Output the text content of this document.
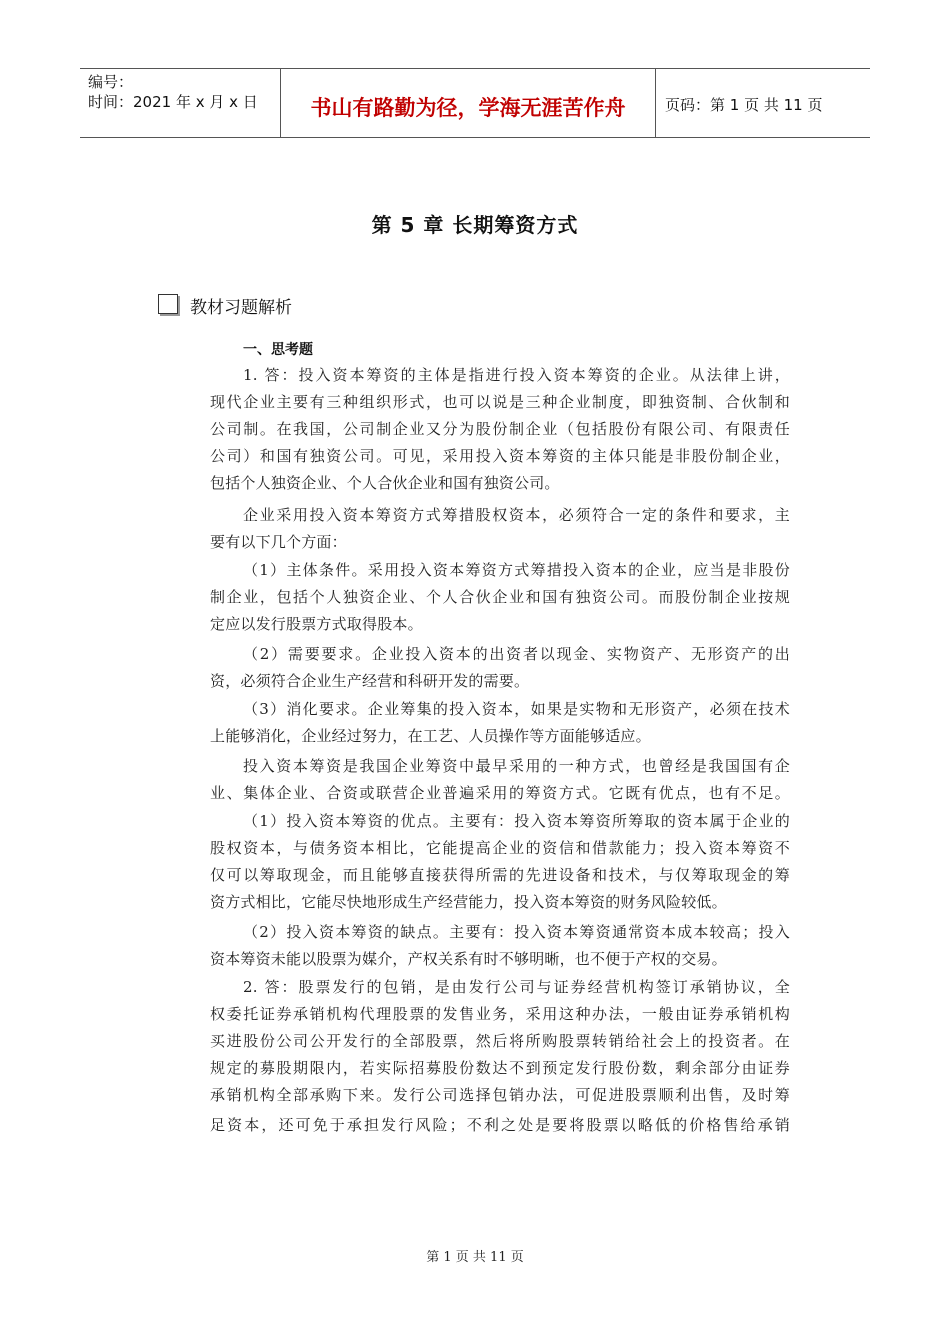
编号：
时间：2021 年 x 月 x 日	书山有路勤为径，学海无涯苦作舟	页码：第 1 页 共 11 页
第 5 章 长期筹资方式
教材习题解析
一、思考题
1. 答：投入资本筹资的主体是指进行投入资本筹资的企业。从法律上讲，
现代企业主要有三种组织形式，也可以说是三种企业制度，即独资制、合伙制和
公司制。在我国，公司制企业又分为股份制企业（包括股份有限公司、有限责任
公司）和国有独资公司。可见，采用投入资本筹资的主体只能是非股份制企业，
包括个人独资企业、个人合伙企业和国有独资公司。
企业采用投入资本筹资方式筹措股权资本，必须符合一定的条件和要求，主
要有以下几个方面：
（1）主体条件。采用投入资本筹资方式筹措投入资本的企业，应当是非股份
制企业，包括个人独资企业、个人合伙企业和国有独资公司。而股份制企业按规
定应以发行股票方式取得股本。
（2）需要要求。企业投入资本的出资者以现金、实物资产、无形资产的出
资，必须符合企业生产经营和科研开发的需要。
（3）消化要求。企业筹集的投入资本，如果是实物和无形资产，必须在技术
上能够消化，企业经过努力，在工艺、人员操作等方面能够适应。
投入资本筹资是我国企业筹资中最早采用的一种方式，也曾经是我国国有企
业、集体企业、合资或联营企业普遍采用的筹资方式。它既有优点，也有不足。
（1）投入资本筹资的优点。主要有：投入资本筹资所筹取的资本属于企业的
股权资本，与债务资本相比，它能提高企业的资信和借款能力；投入资本筹资不
仅可以筹取现金，而且能够直接获得所需的先进设备和技术，与仅筹取现金的筹
资方式相比，它能尽快地形成生产经营能力，投入资本筹资的财务风险较低。
（2）投入资本筹资的缺点。主要有：投入资本筹资通常资本成本较高；投入
资本筹资未能以股票为媒介，产权关系有时不够明晰，也不便于产权的交易。
2. 答：股票发行的包销，是由发行公司与证券经营机构签订承销协议，全
权委托证券承销机构代理股票的发售业务，采用这种办法，一般由证券承销机构
买进股份公司公开发行的全部股票，然后将所购股票转销给社会上的投资者。在
规定的募股期限内，若实际招募股份数达不到预定发行股份数，剩余部分由证券
承销机构全部承购下来。发行公司选择包销办法，可促进股票顺利出售，及时筹
足资本，还可免于承担发行风险；不利之处是要将股票以略低的价格售给承销
第 1 页 共 11 页
